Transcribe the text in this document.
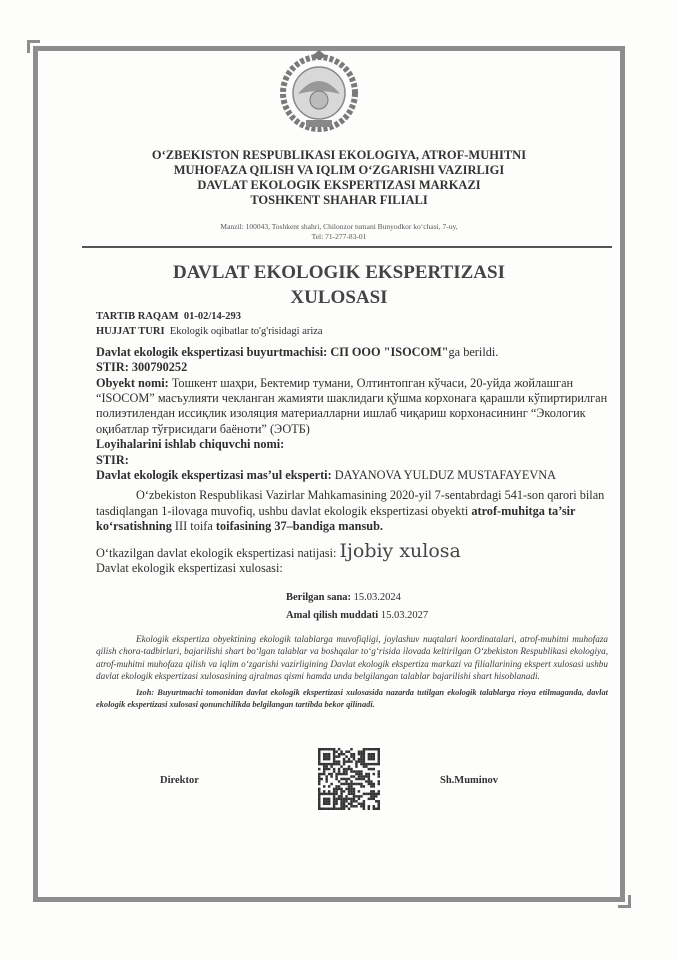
O‘ZBEKISTON RESPUBLIKASI EKOLOGIYA, ATROF-MUHITNI
MUHOFAZA QILISH VA IQLIM O‘ZGARISHI VAZIRLIGI
DAVLAT EKOLOGIK EKSPERTIZASI MARKAZI
TOSHKENT SHAHAR FILIALI
Manzil: 100043, Toshkent shahri, Chilonzor tumani Bunyodkor ko‘chasi, 7-uy,
Tel: 71-277-83-01
DAVLAT EKOLOGIK EKSPERTIZASI
XULOSASI

TARTIB RAQAM 01-02/14-293

HUJJAT TURI Ekologik oqibatlar to'g'risidagi ariza

Davlat ekologik ekspertizasi buyurtmachisi: СП ООО "ISOCOM"ga berildi.

STIR: 300790252

Obyekt nomi: Тошкент шаҳри, Бектемир тумани, Олтинтопган кўчаси, 20-уйда жойлашган “ISOCOM” масъулияти чекланган жамияти шаклидаги қўшма корхонага қарашли кўпиртирилган полиэтилендан иссиқлик изоляция материалларни ишлаб чиқариш корхонасининг “Экологик оқибатлар тўғрисидаги баёноти” (ЭОТБ)

Loyihalarini ishlab chiquvchi nomi:

STIR:

Davlat ekologik ekspertizasi mas’ul eksperti: DAYANOVA YULDUZ MUSTAFAYEVNA

O‘zbekiston Respublikasi Vazirlar Mahkamasining 2020-yil 7-sentabrdagi 541-son qarori bilan tasdiqlangan 1-ilovaga muvofiq, ushbu davlat ekologik ekspertizasi obyekti atrof-muhitga ta’sir ko‘rsatishning III toifa toifasining 37–bandiga mansub.

O‘tkazilgan davlat ekologik ekspertizasi natijasi: Ijobiy xulosa

Davlat ekologik ekspertizasi xulosasi:

Berilgan sana: 15.03.2024
Amal qilish muddati 15.03.2027

Ekologik ekspertiza obyektining ekologik talablarga muvofiqligi, joylashuv nuqtalari koordinatalari, atrof-muhitni muhofaza qilish chora-tadbirlari, bajarilishi shart bo‘lgan talablar va boshqalar to‘g‘risida ilovada keltirilgan O‘zbekiston Respublikasi ekologiya, atrof-muhitni muhofaza qilish va iqlim o‘zgarishi vazirligining Davlat ekologik ekspertiza markazi va filiallarining ekspert xulosasi ushbu davlat ekologik ekspertizasi xulosasining ajralmas qismi hamda unda belgilangan talablar bajarilishi shart hisoblanadi.

Izoh: Buyurtmachi tomonidan davlat ekologik ekspertizasi xulosasida nazarda tutilgan ekologik talablarga rioya etilmaganda, davlat ekologik ekspertizasi xulosasi qonunchilikda belgilangan tartibda bekor qilinadi.

Direktor	Sh.Muminov
